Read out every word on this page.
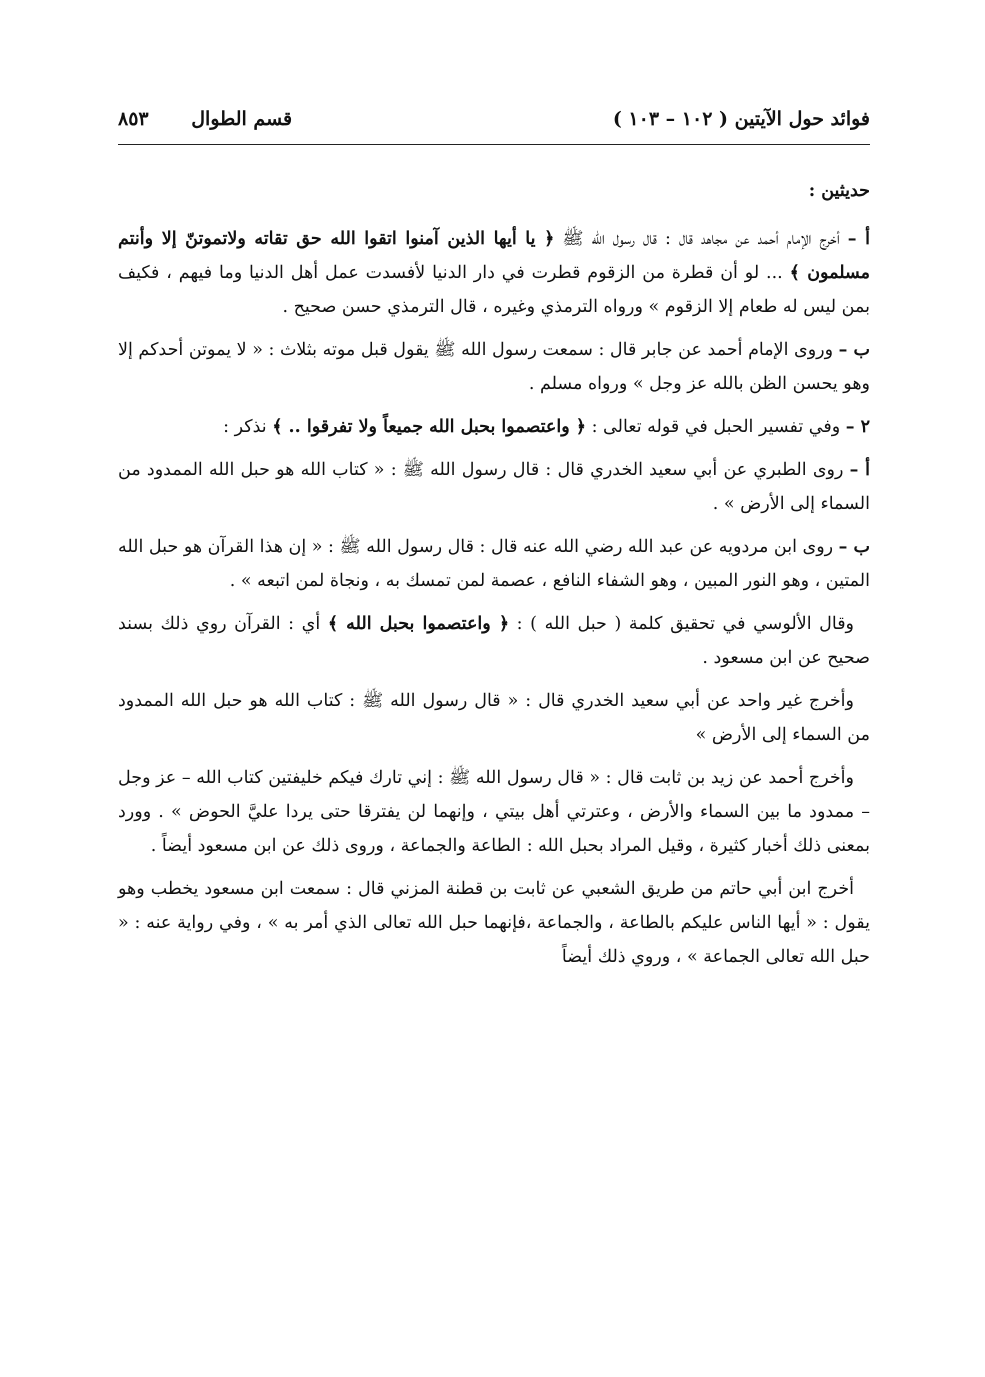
فوائد حول الآيتين ( ١٠٢ – ١٠٣ )
قسم الطوال ٨٥٣
حديثين :

أ – أخرج الإمام أحمد عن مجاهد قال : قال رسول الله ﷺ ﴿ يا أيها الذين آمنوا اتقوا الله حق تقاته ولاتموتنّ إلا وأنتم مسلمون ﴾ ... لو أن قطرة من الزقوم قطرت في دار الدنيا لأفسدت عمل أهل الدنيا وما فيهم ، فكيف بمن ليس له طعام إلا الزقوم » ورواه الترمذي وغيره ، قال الترمذي حسن صحيح .

ب – وروى الإمام أحمد عن جابر قال : سمعت رسول الله ﷺ يقول قبل موته بثلاث : « لا يموتن أحدكم إلا وهو يحسن الظن بالله عز وجل » ورواه مسلم .

٢ – وفي تفسير الحبل في قوله تعالى : ﴿ واعتصموا بحبل الله جميعاً ولا تفرقوا .. ﴾ نذكر :

أ – روى الطبري عن أبي سعيد الخدري قال : قال رسول الله ﷺ : « كتاب الله هو حبل الله الممدود من السماء إلى الأرض » .

ب – روى ابن مردويه عن عبد الله رضي الله عنه قال : قال رسول الله ﷺ : « إن هذا القرآن هو حبل الله المتين ، وهو النور المبين ، وهو الشفاء النافع ، عصمة لمن تمسك به ، ونجاة لمن اتبعه » .

وقال الألوسي في تحقيق كلمة ( حبل الله ) : ﴿ واعتصموا بحبل الله ﴾ أي : القرآن روي ذلك بسند صحيح عن ابن مسعود .

وأخرج غير واحد عن أبي سعيد الخدري قال : « قال رسول الله ﷺ : كتاب الله هو حبل الله الممدود من السماء إلى الأرض »

وأخرج أحمد عن زيد بن ثابت قال : « قال رسول الله ﷺ : إني تارك فيكم خليفتين كتاب الله – عز وجل – ممدود ما بين السماء والأرض ، وعترتي أهل بيتي ، وإنهما لن يفترقا حتى يردا عليَّ الحوض » . وورد بمعنى ذلك أخبار كثيرة ، وقيل المراد بحبل الله : الطاعة والجماعة ، وروى ذلك عن ابن مسعود أيضاً .

أخرج ابن أبي حاتم من طريق الشعبي عن ثابت بن قطنة المزني قال : سمعت ابن مسعود يخطب وهو يقول : « أيها الناس عليكم بالطاعة ، والجماعة ،فإنهما حبل الله تعالى الذي أمر به » ، وفي رواية عنه : « حبل الله تعالى الجماعة » ، وروي ذلك أيضاً
